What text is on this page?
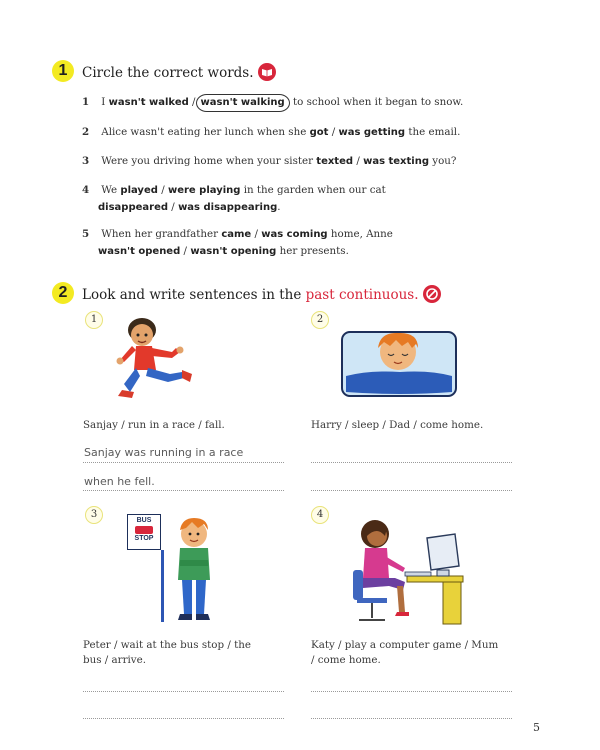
1	Circle the correct words.
1 I wasn't walked / wasn't walking to school when it began to snow.
2 Alice wasn't eating her lunch when she got / was getting the email.
3 Were you driving home when your sister texted / was texting you?
4 We played / were playing in the garden when our cat
disappeared / was disappearing.
5 When her grandfather came / was coming home, Anne
wasn't opened / wasn't opening her presents.
2	Look and write sentences in the past continuous.
1
Sanjay / run in a race / fall.
Sanjay was running in a race
when he fell.
2
Harry / sleep / Dad / come home.
3
BUS
STOP
Peter / wait at the bus stop / the
bus / arrive.
4
Katy / play a computer game / Mum
/ come home.
5
